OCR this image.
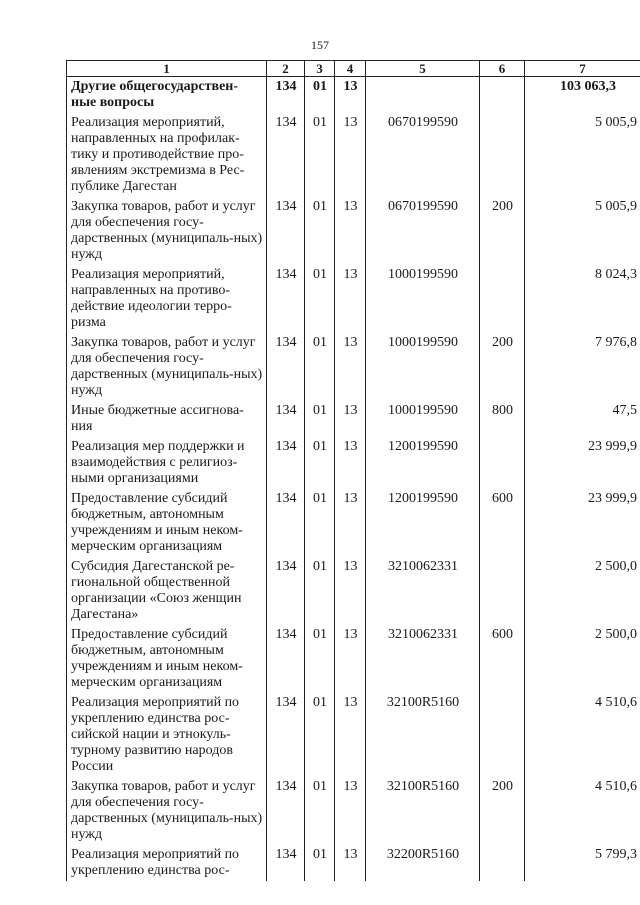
157
1	2	3	4	5	6	7
Другие общегосударствен-ные вопросы	134	01	13			103 063,3
Реализация мероприятий, направленных на профилак-тику и противодействие про-явлениям экстремизма в Рес-публике Дагестан	134	01	13	0670199590		5 005,9
Закупка товаров, работ и услуг для обеспечения госу-дарственных (муниципаль-ных) нужд	134	01	13	0670199590	200	5 005,9
Реализация мероприятий, направленных на противо-действие идеологии терро-ризма	134	01	13	1000199590		8 024,3
Закупка товаров, работ и услуг для обеспечения госу-дарственных (муниципаль-ных) нужд	134	01	13	1000199590	200	7 976,8
Иные бюджетные ассигнова-ния	134	01	13	1000199590	800	47,5
Реализация мер поддержки и взаимодействия с религиоз-ными организациями	134	01	13	1200199590		23 999,9
Предоставление субсидий бюджетным, автономным учреждениям и иным неком-мерческим организациям	134	01	13	1200199590	600	23 999,9
Субсидия Дагестанской ре-гиональной общественной организации «Союз женщин Дагестана»	134	01	13	3210062331		2 500,0
Предоставление субсидий бюджетным, автономным учреждениям и иным неком-мерческим организациям	134	01	13	3210062331	600	2 500,0
Реализация мероприятий по укреплению единства рос-сийской нации и этнокуль-турному развитию народов России	134	01	13	32100R5160		4 510,6
Закупка товаров, работ и услуг для обеспечения госу-дарственных (муниципаль-ных) нужд	134	01	13	32100R5160	200	4 510,6
Реализация мероприятий по укреплению единства рос-	134	01	13	32200R5160		5 799,3
